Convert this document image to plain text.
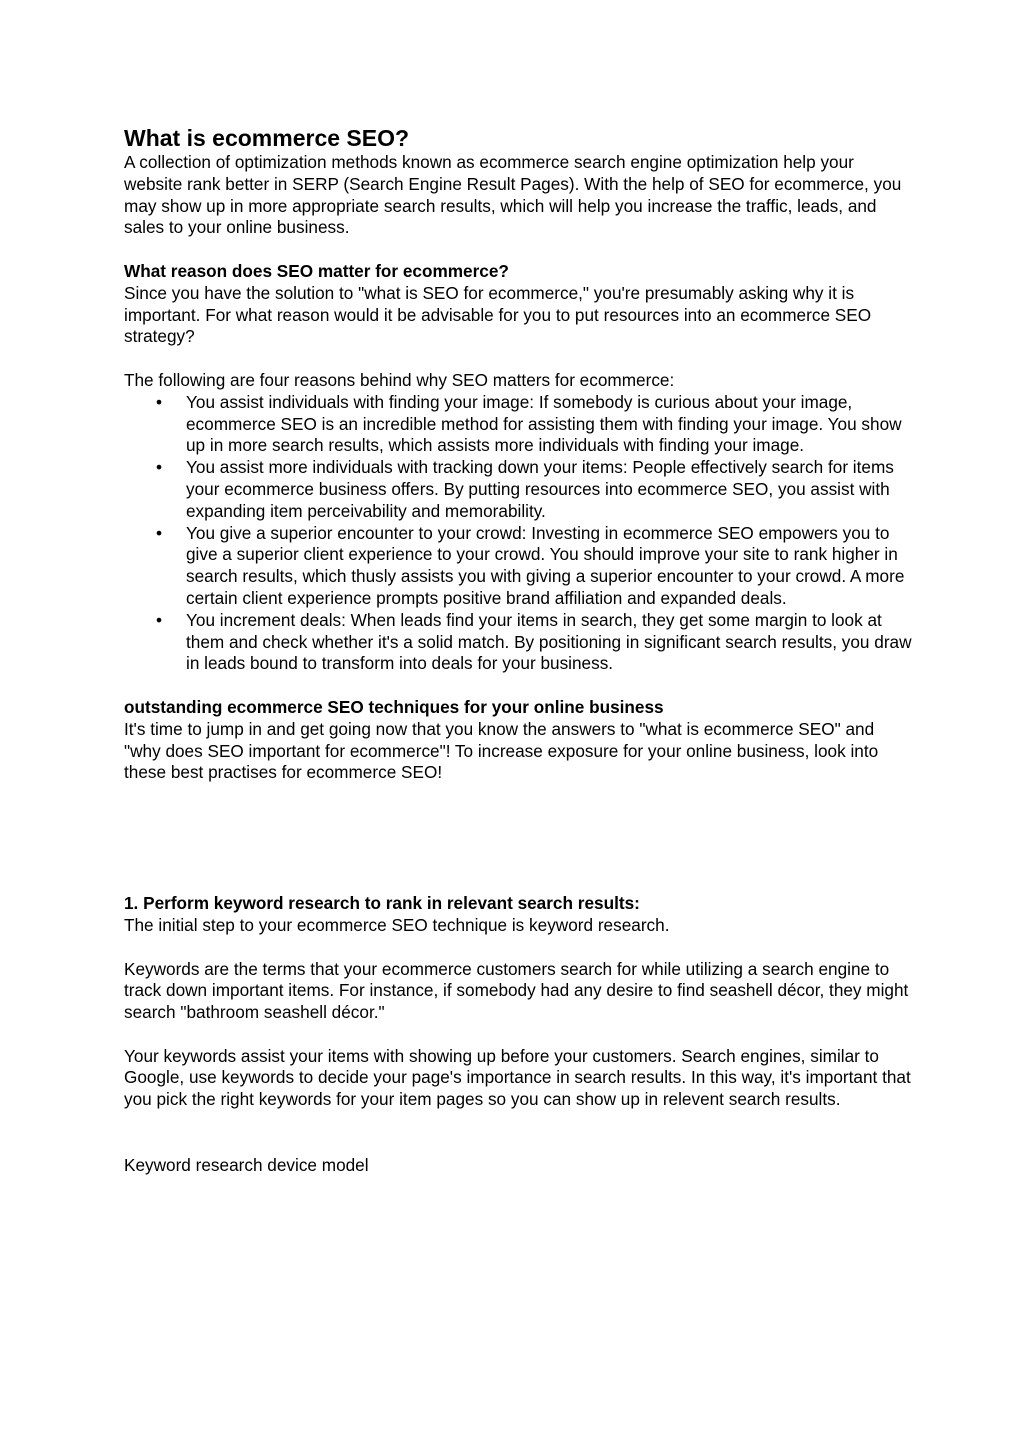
What is ecommerce SEO?

A collection of optimization methods known as ecommerce search engine optimization help your website rank better in SERP (Search Engine Result Pages). With the help of SEO for ecommerce, you may show up in more appropriate search results, which will help you increase the traffic, leads, and sales to your online business.

What reason does SEO matter for ecommerce?

Since you have the solution to "what is SEO for ecommerce," you're presumably asking why it is important. For what reason would it be advisable for you to put resources into an ecommerce SEO strategy?

The following are four reasons behind why SEO matters for ecommerce:

• You assist individuals with finding your image: If somebody is curious about your image, ecommerce SEO is an incredible method for assisting them with finding your image. You show up in more search results, which assists more individuals with finding your image.
• You assist more individuals with tracking down your items: People effectively search for items your ecommerce business offers. By putting resources into ecommerce SEO, you assist with expanding item perceivability and memorability.
• You give a superior encounter to your crowd: Investing in ecommerce SEO empowers you to give a superior client experience to your crowd. You should improve your site to rank higher in search results, which thusly assists you with giving a superior encounter to your crowd. A more certain client experience prompts positive brand affiliation and expanded deals.
• You increment deals: When leads find your items in search, they get some margin to look at them and check whether it's a solid match. By positioning in significant search results, you draw in leads bound to transform into deals for your business.
outstanding ecommerce SEO techniques for your online business

It's time to jump in and get going now that you know the answers to "what is ecommerce SEO" and "why does SEO important for ecommerce"! To increase exposure for your online business, look into these best practises for ecommerce SEO!

1. Perform keyword research to rank in relevant search results:

The initial step to your ecommerce SEO technique is keyword research.

Keywords are the terms that your ecommerce customers search for while utilizing a search engine to track down important items. For instance, if somebody had any desire to find seashell décor, they might search "bathroom seashell décor."

Your keywords assist your items with showing up before your customers. Search engines, similar to Google, use keywords to decide your page's importance in search results. In this way, it's important that you pick the right keywords for your item pages so you can show up in relevent search results.

Keyword research device model
